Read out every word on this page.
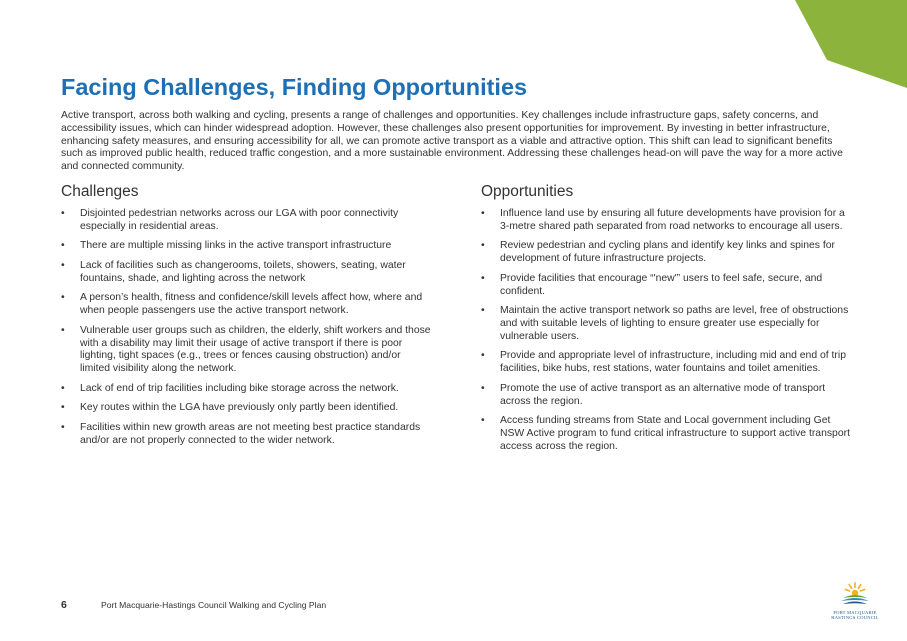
Facing Challenges, Finding Opportunities

Active transport, across both walking and cycling, presents a range of challenges and opportunities. Key challenges include infrastructure gaps, safety concerns, and accessibility issues, which can hinder widespread adoption. However, these challenges also present opportunities for improvement. By investing in better infrastructure, enhancing safety measures, and ensuring accessibility for all, we can promote active transport as a viable and attractive option. This shift can lead to significant benefits such as improved public health, reduced traffic congestion, and a more sustainable environment. Addressing these challenges head-on will pave the way for a more active and connected community.

Challenges
• Disjointed pedestrian networks across our LGA with poor connectivity especially in residential areas.
• There are multiple missing links in the active transport infrastructure
• Lack of facilities such as changerooms, toilets, showers, seating, water fountains, shade, and lighting across the network
• A person’s health, fitness and confidence/skill levels affect how, where and when people passengers use the active transport network.
• Vulnerable user groups such as children, the elderly, shift workers and those with a disability may limit their usage of active transport if there is poor lighting, tight spaces (e.g., trees or fences causing obstruction) and/or limited visibility along the network.
• Lack of end of trip facilities including bike storage across the network.
• Key routes within the LGA have previously only partly been identified.
• Facilities within new growth areas are not meeting best practice standards and/or are not properly connected to the wider network.
Opportunities
• Influence land use by ensuring all future developments have provision for a 3-metre shared path separated from road networks to encourage all users.
• Review pedestrian and cycling plans and identify key links and spines for development of future infrastructure projects.
• Provide facilities that encourage “'new'” users to feel safe, secure, and confident.
• Maintain the active transport network so paths are level, free of obstructions and with suitable levels of lighting to ensure greater use especially for vulnerable users.
• Provide and appropriate level of infrastructure, including mid and end of trip facilities, bike hubs, rest stations, water fountains and toilet amenities.
• Promote the use of active transport as an alternative mode of transport across the region.
• Access funding streams from State and Local government including Get NSW Active program to fund critical infrastructure to support active transport access across the region.
6	Port Macquarie-Hastings Council Walking and Cycling Plan
PORT MACQUARIE
HASTINGS COUNCIL
